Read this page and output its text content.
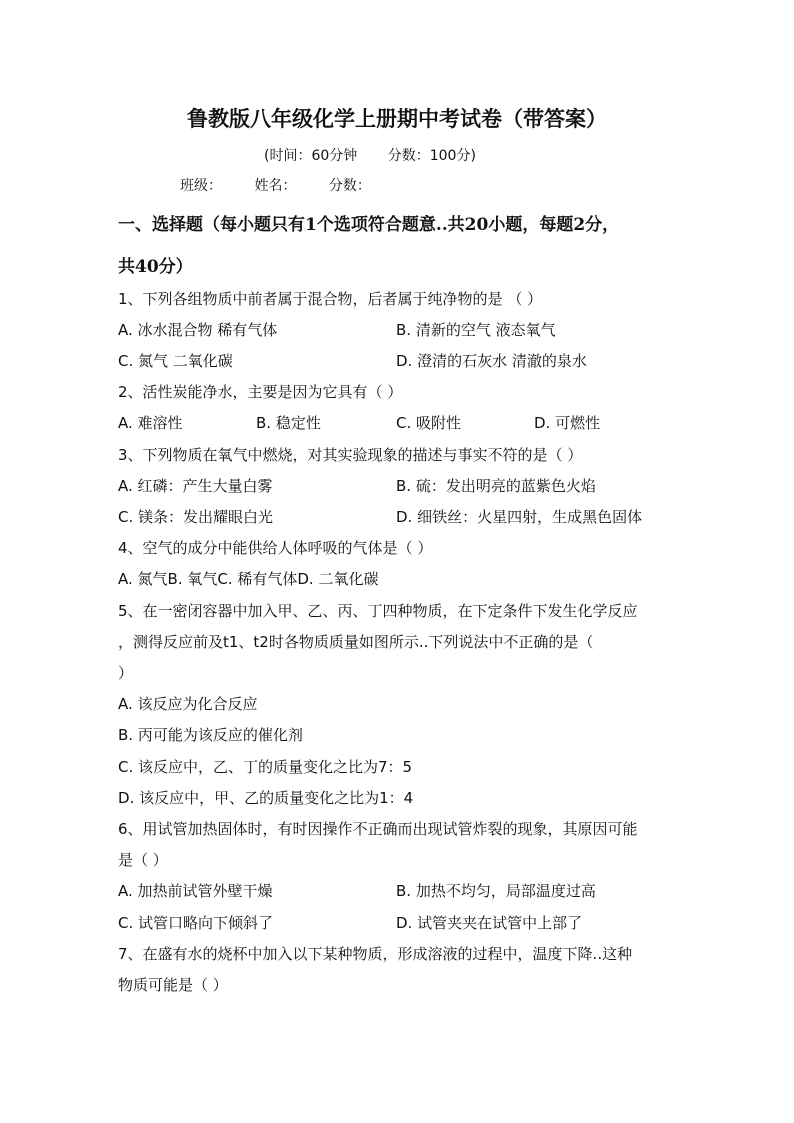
鲁教版八年级化学上册期中考试卷（带答案）
(时间：60分钟 分数：100分)
班级： 姓名： 分数：
一、选择题（每小题只有1个选项符合题意..共20小题，每题2分，
共40分）
1、下列各组物质中前者属于混合物，后者属于纯净物的是 （ ）
A. 冰水混合物 稀有气体	B. 清新的空气 液态氧气
C. 氮气 二氧化碳	D. 澄清的石灰水 清澈的泉水
2、活性炭能净水，主要是因为它具有（ ）
A. 难溶性	B. 稳定性	C. 吸附性	D. 可燃性
3、下列物质在氧气中燃烧，对其实验现象的描述与事实不符的是（ ）
A. 红磷：产生大量白雾	B. 硫：发出明亮的蓝紫色火焰
C. 镁条：发出耀眼白光	D. 细铁丝：火星四射，生成黑色固体
4、空气的成分中能供给人体呼吸的气体是（ ）
A. 氮气B. 氧气C. 稀有气体D. 二氧化碳
5、在一密闭容器中加入甲、乙、丙、丁四种物质，在下定条件下发生化学反应
，测得反应前及t1、t2时各物质质量如图所示..下列说法中不正确的是（
）
A. 该反应为化合反应
B. 丙可能为该反应的催化剂
C. 该反应中，乙、丁的质量变化之比为7：5
D. 该反应中，甲、乙的质量变化之比为1：4
6、用试管加热固体时，有时因操作不正确而出现试管炸裂的现象，其原因可能
是（ ）
A. 加热前试管外壁干燥	B. 加热不均匀，局部温度过高
C. 试管口略向下倾斜了	D. 试管夹夹在试管中上部了
7、在盛有水的烧杯中加入以下某种物质，形成溶液的过程中，温度下降..这种
物质可能是（ ）
